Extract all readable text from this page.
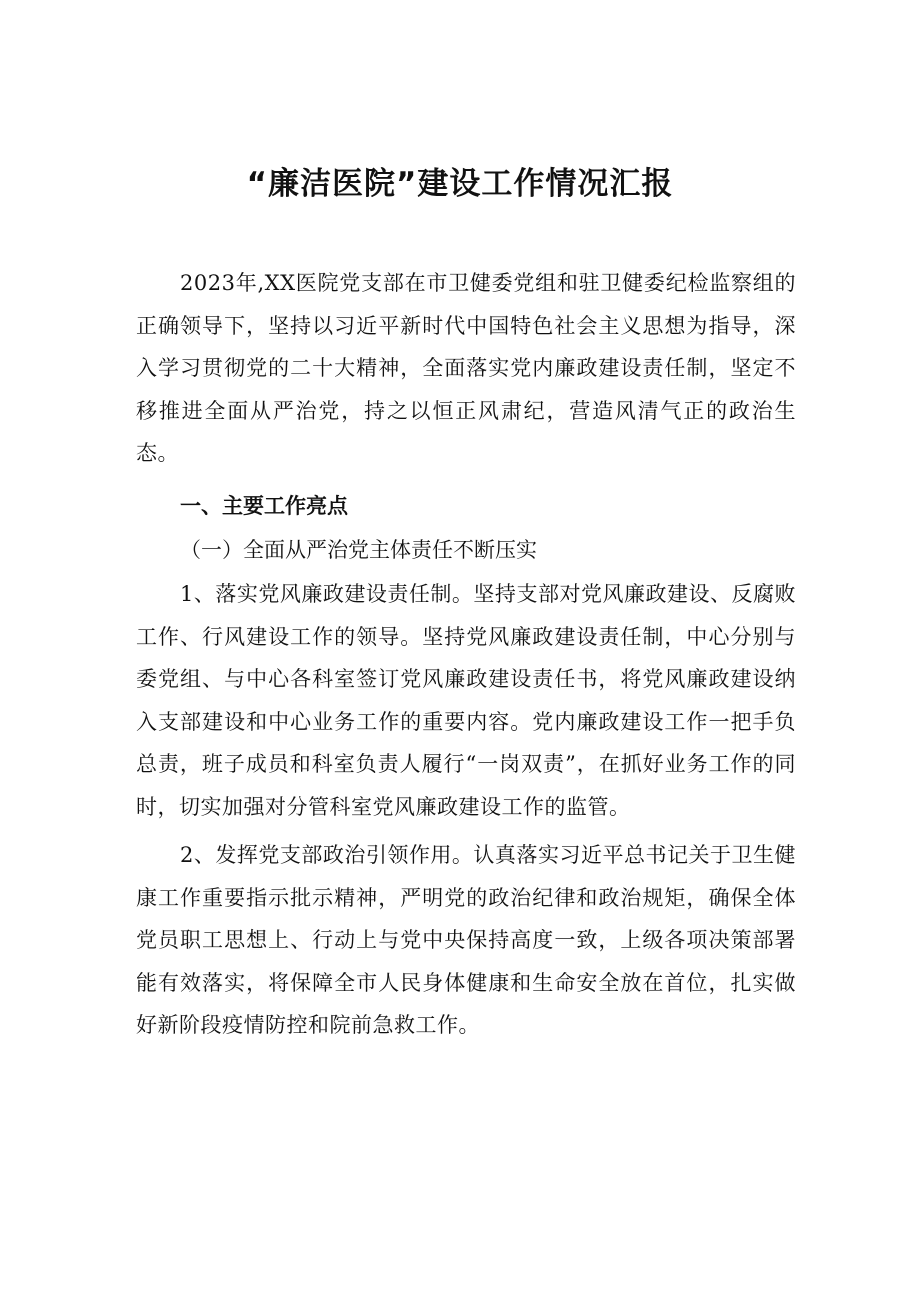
“廉洁医院”建设工作情况汇报

2023年,XX医院党支部在市卫健委党组和驻卫健委纪检监察组的正确领导下，坚持以习近平新时代中国特色社会主义思想为指导，深入学习贯彻党的二十大精神，全面落实党内廉政建设责任制，坚定不移推进全面从严治党，持之以恒正风肃纪，营造风清气正的政治生态。

一、主要工作亮点

（一）全面从严治党主体责任不断压实

1、落实党风廉政建设责任制。坚持支部对党风廉政建设、反腐败工作、行风建设工作的领导。坚持党风廉政建设责任制，中心分别与委党组、与中心各科室签订党风廉政建设责任书，将党风廉政建设纳入支部建设和中心业务工作的重要内容。党内廉政建设工作一把手负总责，班子成员和科室负责人履行“一岗双责”，在抓好业务工作的同时，切实加强对分管科室党风廉政建设工作的监管。

2、发挥党支部政治引领作用。认真落实习近平总书记关于卫生健康工作重要指示批示精神，严明党的政治纪律和政治规矩，确保全体党员职工思想上、行动上与党中央保持高度一致，上级各项决策部署能有效落实，将保障全市人民身体健康和生命安全放在首位，扎实做好新阶段疫情防控和院前急救工作。
